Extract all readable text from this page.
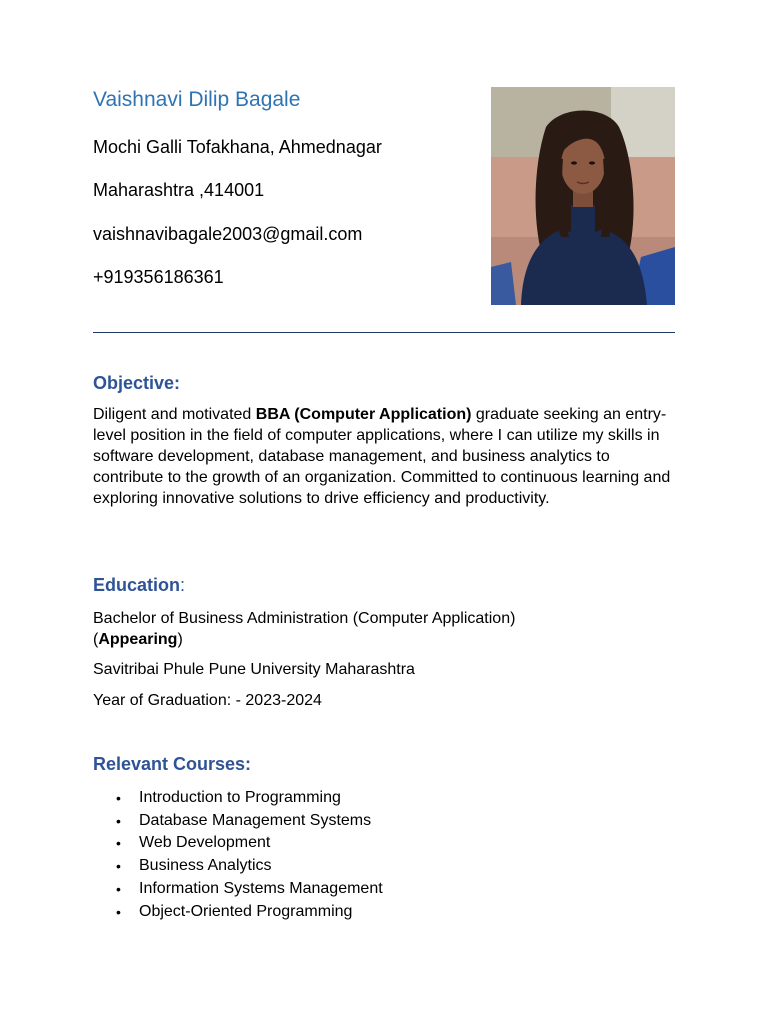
Vaishnavi Dilip Bagale
Mochi Galli Tofakhana, Ahmednagar
Maharashtra ,414001
vaishnavibagale2003@gmail.com
+919356186361
Objective:
Diligent and motivated BBA (Computer Application) graduate seeking an entry-level position in the field of computer applications, where I can utilize my skills in software development, database management, and business analytics to contribute to the growth of an organization. Committed to continuous learning and exploring innovative solutions to drive efficiency and productivity.
Education:
Bachelor of Business Administration (Computer Application)
(Appearing)
Savitribai Phule Pune University Maharashtra
Year of Graduation: - 2023-2024
Relevant Courses:
• Introduction to Programming
• Database Management Systems
• Web Development
• Business Analytics
• Information Systems Management
• Object-Oriented Programming
